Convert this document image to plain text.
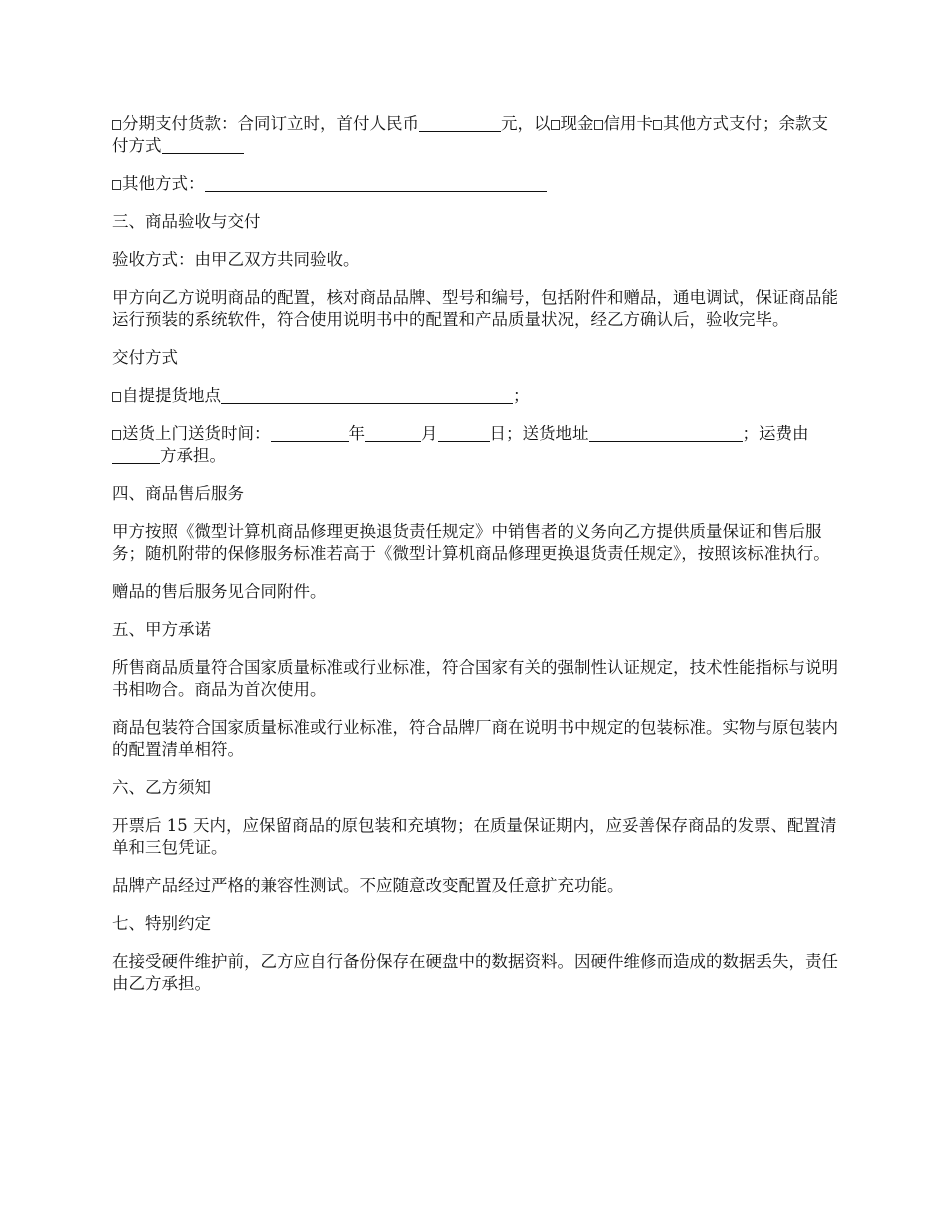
分期支付货款：合同订立时，首付人民币	元，以 现金 信用卡 其他方式支付；余款支付方式

其他方式：

三、商品验收与交付

验收方式：由甲乙双方共同验收。

甲方向乙方说明商品的配置，核对商品品牌、型号和编号，包括附件和赠品，通电调试，保证商品能运行预装的系统软件，符合使用说明书中的配置和产品质量状况，经乙方确认后，验收完毕。

交付方式

自提提货地点	；

送货上门送货时间：	年	月	日；送货地址	；运费由方承担。

四、商品售后服务

甲方按照《微型计算机商品修理更换退货责任规定》中销售者的义务向乙方提供质量保证和售后服务；随机附带的保修服务标准若高于《微型计算机商品修理更换退货责任规定》，按照该标准执行。

赠品的售后服务见合同附件。

五、甲方承诺

所售商品质量符合国家质量标准或行业标准，符合国家有关的强制性认证规定，技术性能指标与说明书相吻合。商品为首次使用。

商品包装符合国家质量标准或行业标准，符合品牌厂商在说明书中规定的包装标准。实物与原包装内的配置清单相符。

六、乙方须知

开票后 15 天内，应保留商品的原包装和充填物；在质量保证期内，应妥善保存商品的发票、配置清单和三包凭证。

品牌产品经过严格的兼容性测试。不应随意改变配置及任意扩充功能。

七、特别约定

在接受硬件维护前，乙方应自行备份保存在硬盘中的数据资料。因硬件维修而造成的数据丢失，责任由乙方承担。
